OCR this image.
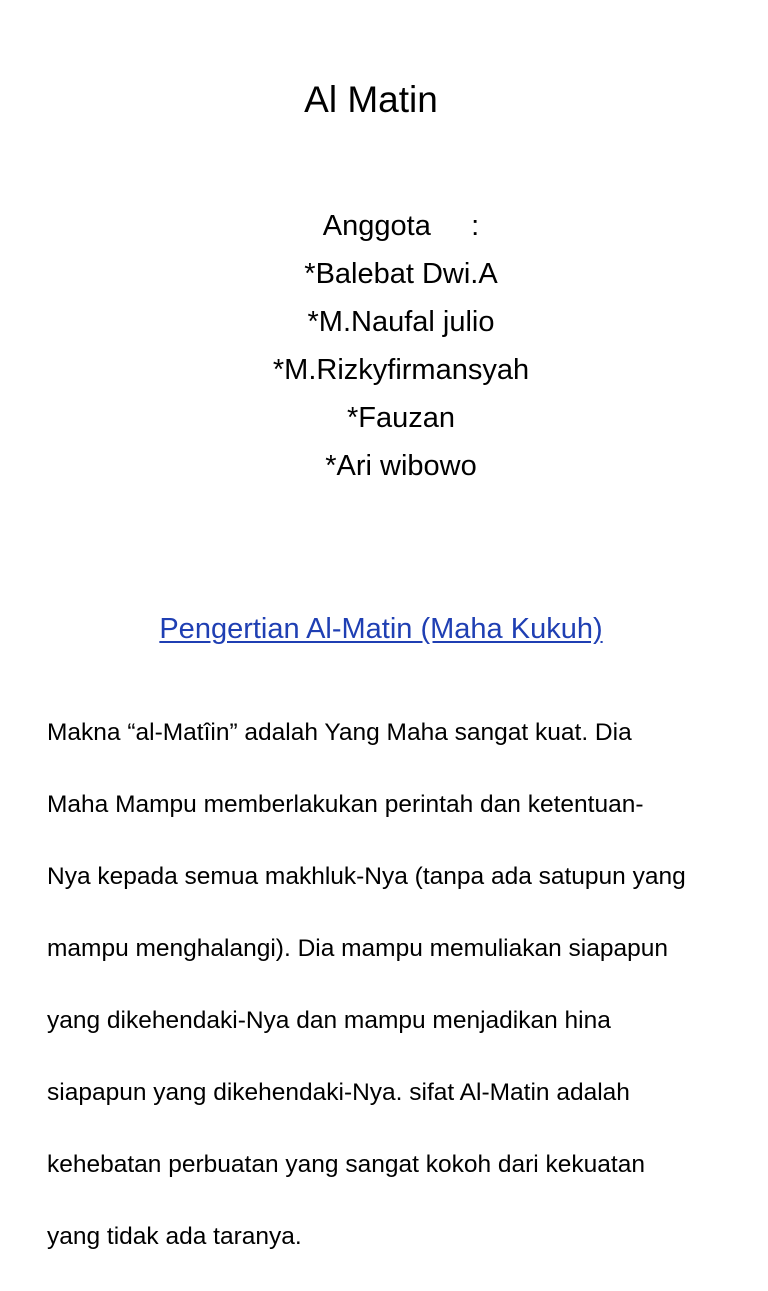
Al Matin
Anggota     :
*Balebat Dwi.A
*M.Naufal julio
*M.Rizkyfirmansyah
*Fauzan
*Ari wibowo
Pengertian Al-Matin (Maha Kukuh)

Makna “al-Matîin” adalah Yang Maha sangat kuat. Dia

Maha Mampu memberlakukan perintah dan ketentuan-

Nya kepada semua makhluk-Nya (tanpa ada satupun yang

mampu menghalangi). Dia mampu memuliakan siapapun

yang dikehendaki-Nya dan mampu menjadikan hina

siapapun yang dikehendaki-Nya. sifat Al-Matin adalah

kehebatan perbuatan yang sangat kokoh dari kekuatan

yang tidak ada taranya.
